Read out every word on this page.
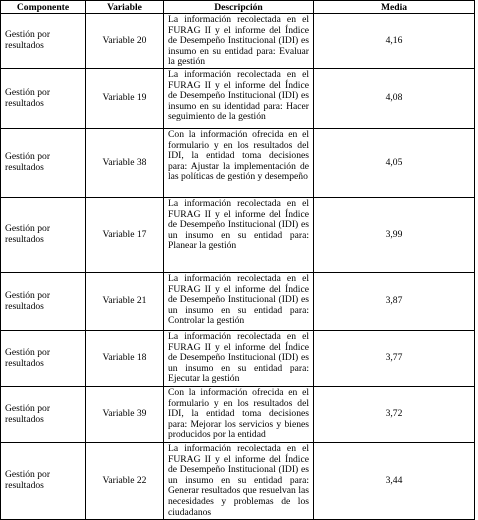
Componente	Variable	Descripción	Media
Gestión por resultados	Variable 20	La información recolectada en el FURAG II y el informe del Índice de Desempeño Institucional (IDI) es insumo en su entidad para: Evaluar la gestión	4,16
Gestión por resultados	Variable 19	La información recolectada en el FURAG II y el informe del Índice de Desempeño Institucional (IDI) es insumo en su identidad para: Hacer seguimiento de la gestión	4,08
Gestión por resultados	Variable 38	Con la información ofrecida en el formulario y en los resultados del IDI, la entidad toma decisiones para: Ajustar la implementación de las políticas de gestión y desempeño	4,05
Gestión por resultados	Variable 17	La información recolectada en el FURAG II y el informe del Índice de Desempeño Institucional (IDI) es un insumo en su entidad para: Planear la gestión	3,99
Gestión por resultados	Variable 21	La información recolectada en el FURAG II y el informe del Índice de Desempeño Institucional (IDI) es un insumo en su entidad para: Controlar la gestión	3,87
Gestión por resultados	Variable 18	La información recolectada en el FURAG II y el informe del Índice de Desempeño Institucional (IDI) es un insumo en su entidad para: Ejecutar la gestión	3,77
Gestión por resultados	Variable 39	Con la información ofrecida en el formulario y en los resultados del IDI, la entidad toma decisiones para: Mejorar los servicios y bienes producidos por la entidad	3,72
Gestión por resultados	Variable 22	La información recolectada en el FURAG II y el informe del Índice de Desempeño Institucional (IDI) es un insumo en su entidad para: Generar resultados que resuelvan las necesidades y problemas de los ciudadanos	3,44
